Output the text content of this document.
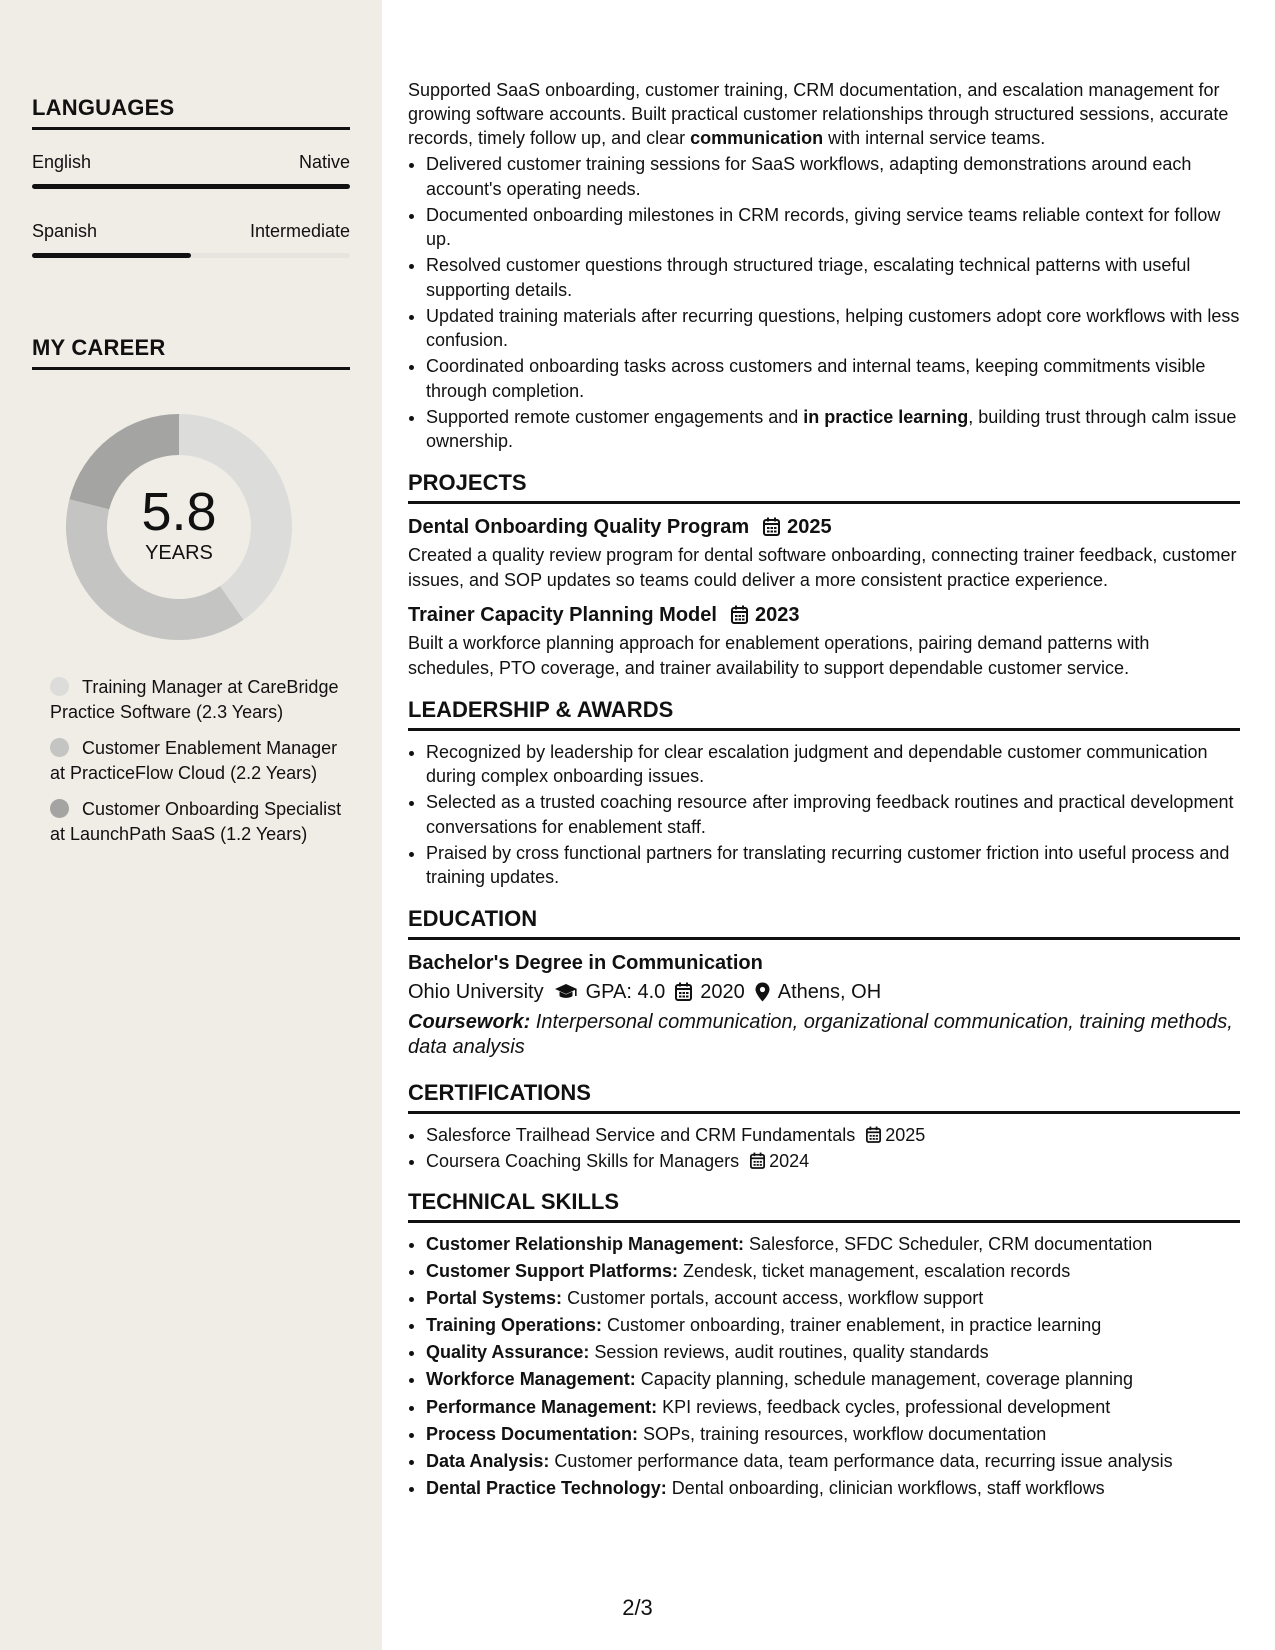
LANGUAGES
English	Native
Spanish	Intermediate
MY CAREER
5.8
YEARS
Training Manager at CareBridge Practice Software (2.3 Years)
Customer Enablement Manager at PracticeFlow Cloud (2.2 Years)
Customer Onboarding Specialist at LaunchPath SaaS (1.2 Years)

Supported SaaS onboarding, customer training, CRM documentation, and escalation management for growing software accounts. Built practical customer relationships through structured sessions, accurate records, timely follow up, and clear communication with internal service teams.

• Delivered customer training sessions for SaaS workflows, adapting demonstrations around each account's operating needs.
• Documented onboarding milestones in CRM records, giving service teams reliable context for follow up.
• Resolved customer questions through structured triage, escalating technical patterns with useful supporting details.
• Updated training materials after recurring questions, helping customers adopt core workflows with less confusion.
• Coordinated onboarding tasks across customers and internal teams, keeping commitments visible through completion.
• Supported remote customer engagements and in practice learning, building trust through calm issue ownership.
PROJECTS
Dental Onboarding Quality Program 2025

Created a quality review program for dental software onboarding, connecting trainer feedback, customer issues, and SOP updates so teams could deliver a more consistent practice experience.

Trainer Capacity Planning Model 2023

Built a workforce planning approach for enablement operations, pairing demand patterns with schedules, PTO coverage, and trainer availability to support dependable customer service.

LEADERSHIP & AWARDS
• Recognized by leadership for clear escalation judgment and dependable customer communication during complex onboarding issues.
• Selected as a trusted coaching resource after improving feedback routines and practical development conversations for enablement staff.
• Praised by cross functional partners for translating recurring customer friction into useful process and training updates.
EDUCATION
Bachelor's Degree in Communication
Ohio University GPA: 4.0 2020 Athens, OH
Coursework: Interpersonal communication, organizational communication, training methods, data analysis
CERTIFICATIONS
• Salesforce Trailhead Service and CRM Fundamentals 2025
• Coursera Coaching Skills for Managers 2024
TECHNICAL SKILLS
• Customer Relationship Management: Salesforce, SFDC Scheduler, CRM documentation
• Customer Support Platforms: Zendesk, ticket management, escalation records
• Portal Systems: Customer portals, account access, workflow support
• Training Operations: Customer onboarding, trainer enablement, in practice learning
• Quality Assurance: Session reviews, audit routines, quality standards
• Workforce Management: Capacity planning, schedule management, coverage planning
• Performance Management: KPI reviews, feedback cycles, professional development
• Process Documentation: SOPs, training resources, workflow documentation
• Data Analysis: Customer performance data, team performance data, recurring issue analysis
• Dental Practice Technology: Dental onboarding, clinician workflows, staff workflows
2/3
